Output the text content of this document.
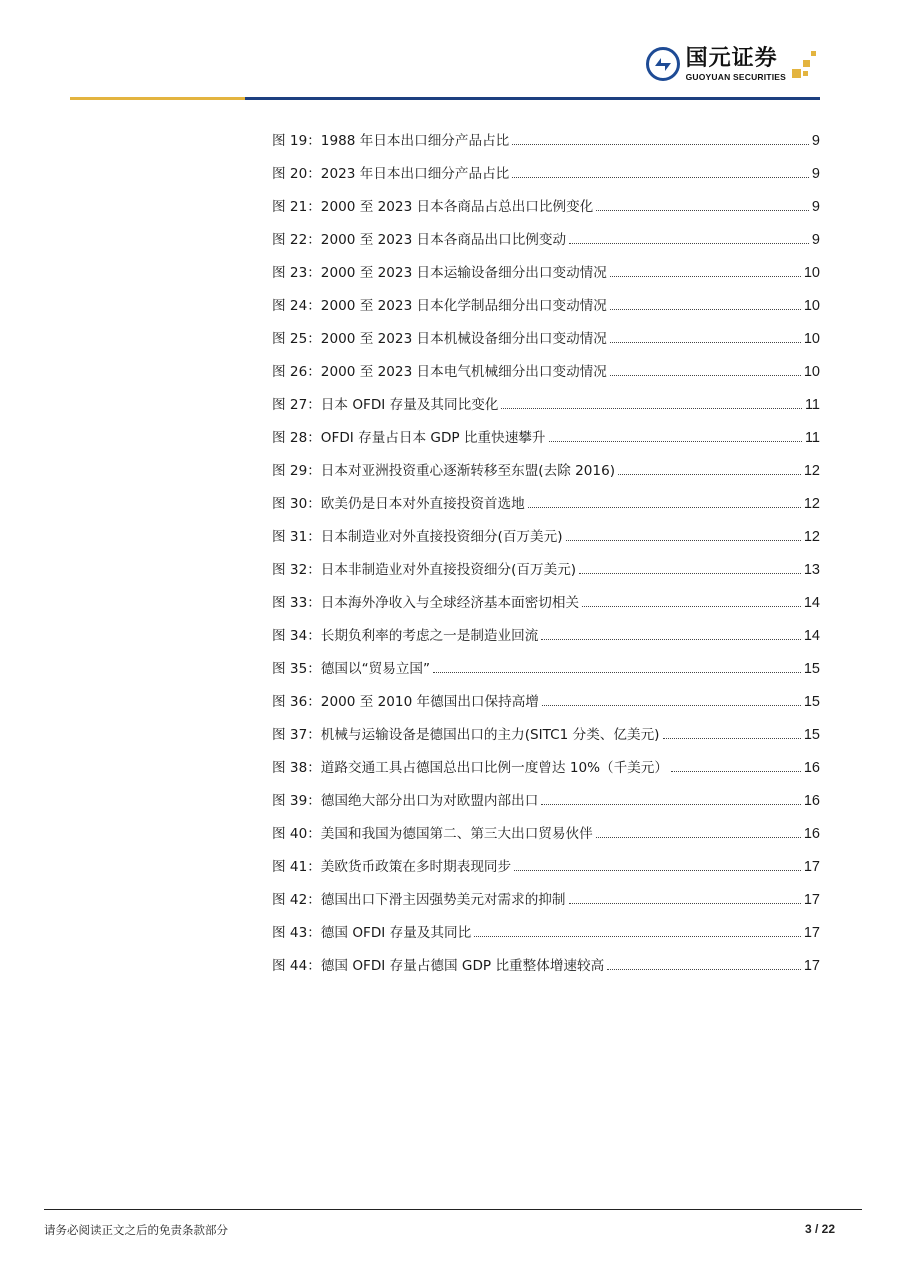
国元证券
GUOYUAN SECURITIES
图 19：1988 年日本出口细分产品占比	9
图 20：2023 年日本出口细分产品占比	9
图 21：2000 至 2023 日本各商品占总出口比例变化	9
图 22：2000 至 2023 日本各商品出口比例变动	9
图 23：2000 至 2023 日本运输设备细分出口变动情况	10
图 24：2000 至 2023 日本化学制品细分出口变动情况	10
图 25：2000 至 2023 日本机械设备细分出口变动情况	10
图 26：2000 至 2023 日本电气机械细分出口变动情况	10
图 27：日本 OFDI 存量及其同比变化	11
图 28：OFDI 存量占日本 GDP 比重快速攀升	11
图 29：日本对亚洲投资重心逐渐转移至东盟(去除 2016)	12
图 30：欧美仍是日本对外直接投资首选地	12
图 31：日本制造业对外直接投资细分(百万美元)	12
图 32：日本非制造业对外直接投资细分(百万美元)	13
图 33：日本海外净收入与全球经济基本面密切相关	14
图 34：长期负利率的考虑之一是制造业回流	14
图 35：德国以“贸易立国”	15
图 36：2000 至 2010 年德国出口保持高增	15
图 37：机械与运输设备是德国出口的主力(SITC1 分类、亿美元)	15
图 38：道路交通工具占德国总出口比例一度曾达 10%（千美元）	16
图 39：德国绝大部分出口为对欧盟内部出口	16
图 40：美国和我国为德国第二、第三大出口贸易伙伴	16
图 41：美欧货币政策在多时期表现同步	17
图 42：德国出口下滑主因强势美元对需求的抑制	17
图 43：德国 OFDI 存量及其同比	17
图 44：德国 OFDI 存量占德国 GDP 比重整体增速较高	17
请务必阅读正文之后的免责条款部分	3 / 22
